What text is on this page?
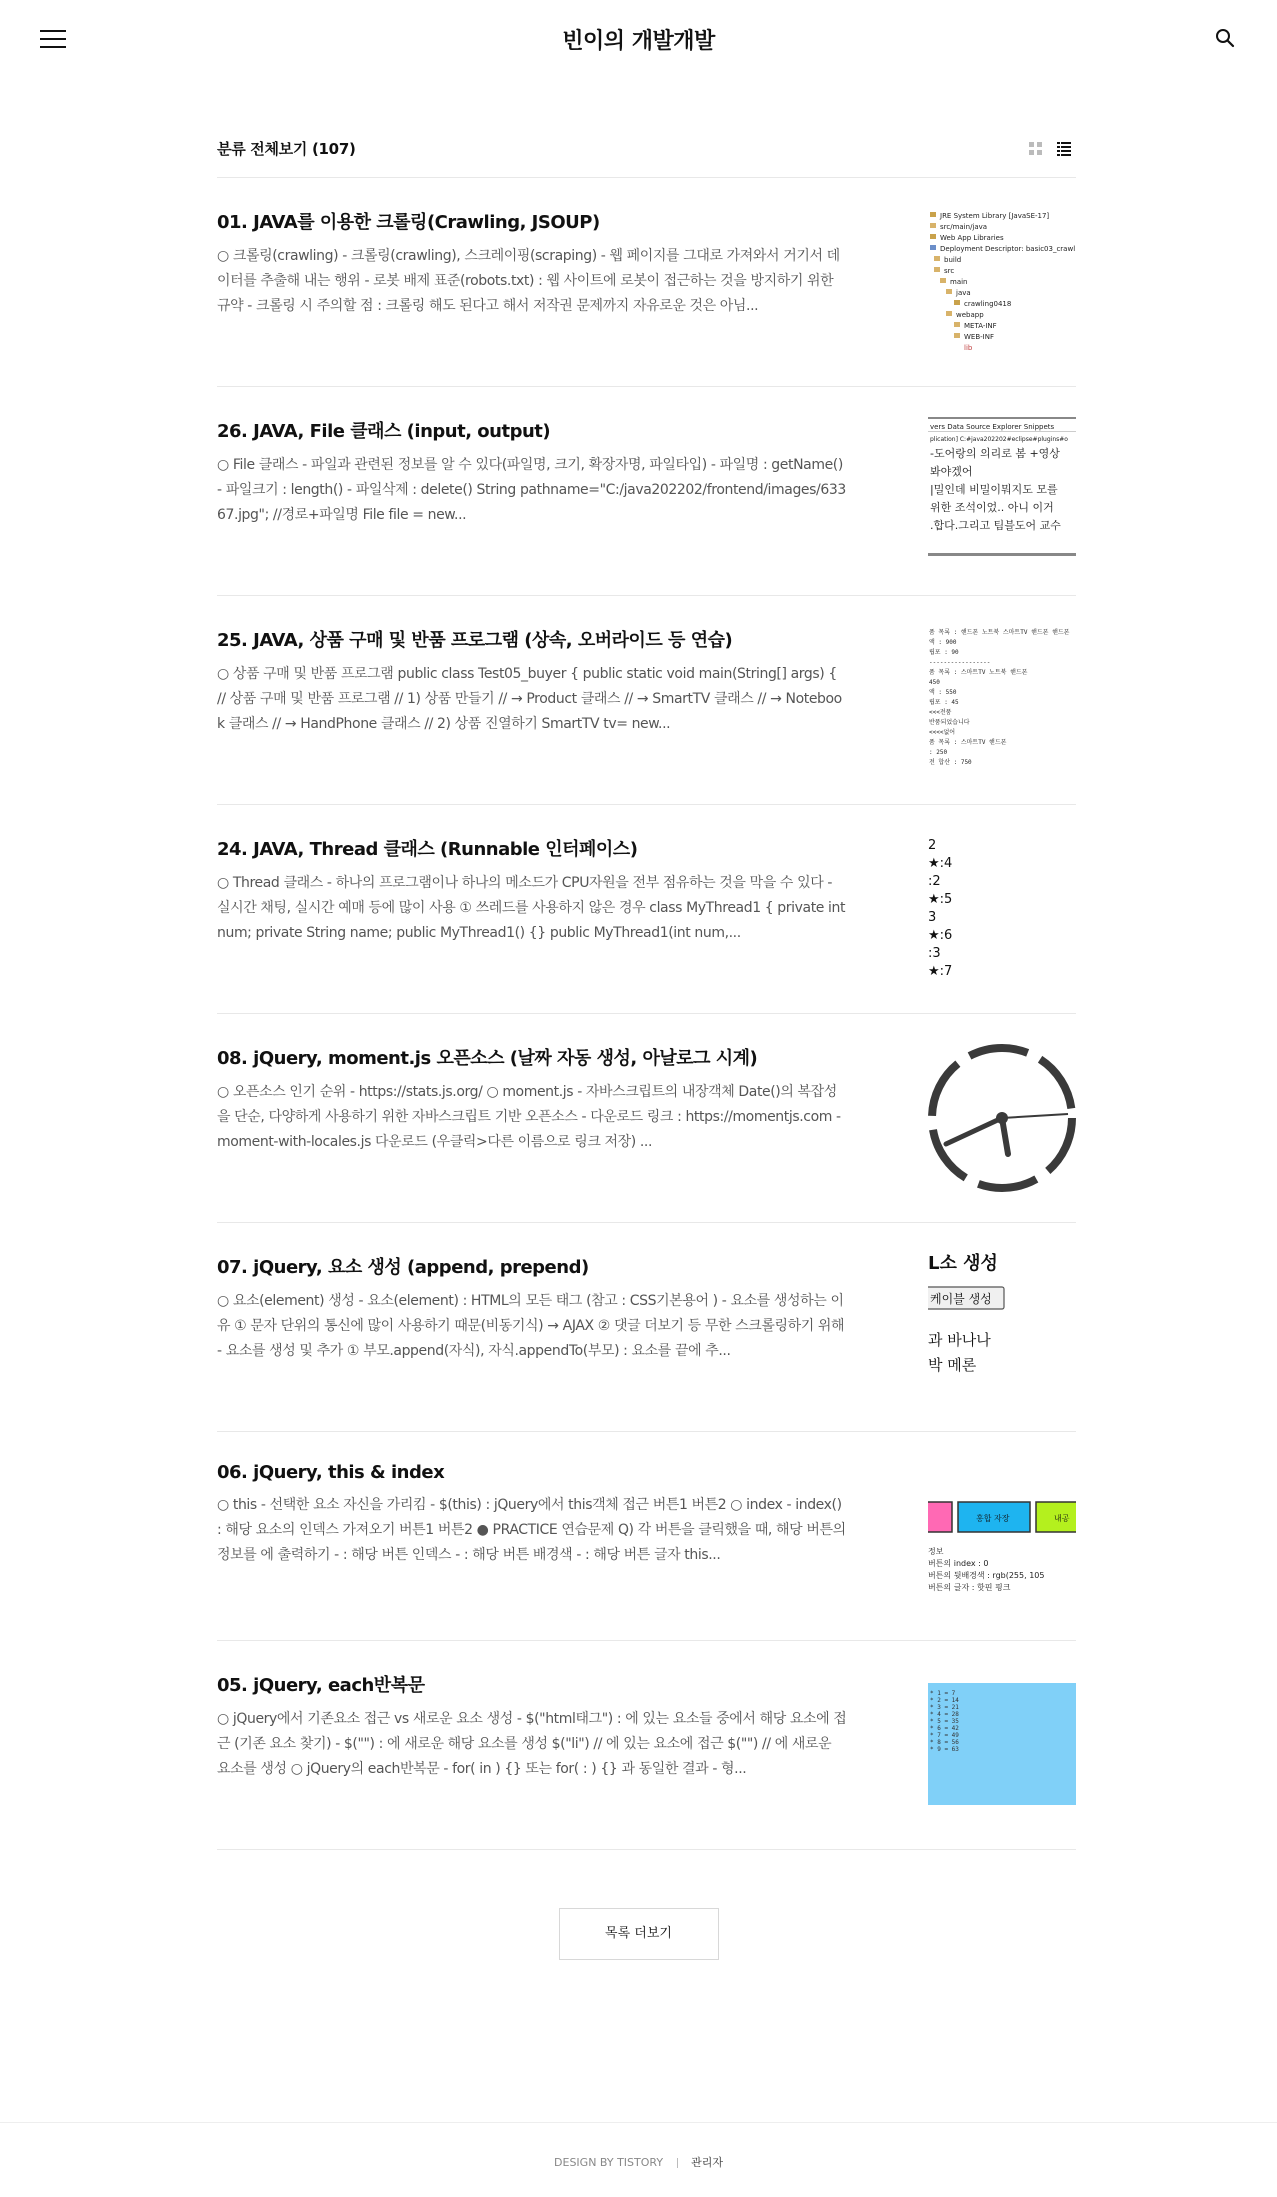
빈이의 개발개발
분류 전체보기 (107)
01. JAVA를 이용한 크롤링(Crawling, JSOUP)

○ 크롤링(crawling) - 크롤링(crawling), 스크레이핑(scraping) - 웹 페이지를 그대로 가져와서 거기서 데이터를 추출해 내는 행위 - 로봇 배제 표준(robots.txt) : 웹 사이트에 로봇이 접근하는 것을 방지하기 위한 규약 - 크롤링 시 주의할 점 : 크롤링 해도 된다고 해서 저작권 문제까지 자유로운 것은 아님...

JRE System Library [JavaSE-17]
src/main/java
Web App Libraries
Deployment Descriptor: basic03_crawl
build
src
main
java
crawling0418
webapp
META-INF
WEB-INF
lib
26. JAVA, File 클래스 (input, output)

○ File 클래스 - 파일과 관련된 정보를 알 수 있다(파일명, 크기, 확장자명, 파일타입) - 파일명 : getName() - 파일크기 : length() - 파일삭제 : delete() String pathname="C:/java202202/frontend/images/63367.jpg"; //경로+파일명 File file = new...

vers Data Source Explorer Snippets
plication] C:#java202202#eclipse#plugins#o
-도어랑의 의리로 봄 +영상
봐야겠어
|밀인데 비밀이뭐지도 모를
위한 조석이었.. 아니 이거
.합다.그리고 팀블도어 교수
25. JAVA, 상품 구매 및 반품 프로그램 (상속, 오버라이드 등 연습)

○ 상품 구매 및 반품 프로그램 public class Test05_buyer { public static void main(String[] args) { // 상품 구매 및 반품 프로그램 // 1) 상품 만들기 // → Product 클래스 // → SmartTV 클래스 // → Notebook 클래스 // → HandPhone 클래스 // 2) 상품 진열하기 SmartTV tv= new...

품 목록 : 핸드폰 노트북 스마트TV 핸드폰 핸드폰
액 : 900
립포 : 90
-----------------
품 목록 : 스마트TV 노트북 핸드폰
450
액 : 550
립포 : 45
<<<전품
반품되었습니다
<<<<없어
품 목록 : 스마트TV 핸드폰
: 250
전 합산 : 750
24. JAVA, Thread 클래스 (Runnable 인터페이스)

○ Thread 클래스 - 하나의 프로그램이나 하나의 메소드가 CPU자원을 전부 점유하는 것을 막을 수 있다 - 실시간 채팅, 실시간 예매 등에 많이 사용 ① 쓰레드를 사용하지 않은 경우 class MyThread1 { private int num; private String name; public MyThread1() {} public MyThread1(int num,...

2
★:4
:2
★:5
3
★:6
:3
★:7
08. jQuery, moment.js 오픈소스 (날짜 자동 생성, 아날로그 시계)

○ 오픈소스 인기 순위 - https://stats.js.org/ ○ moment.js - 자바스크립트의 내장객체 Date()의 복잡성을 단순, 다양하게 사용하기 위한 자바스크립트 기반 오픈소스 - 다운로드 링크 : https://momentjs.com - moment-with-locales.js 다운로드 (우클릭>다른 이름으로 링크 저장) ...

07. jQuery, 요소 생성 (append, prepend)

○ 요소(element) 생성 - 요소(element) : HTML의 모든 태그 (참고 : CSS기본용어 ) - 요소를 생성하는 이유 ① 문자 단위의 통신에 많이 사용하기 때문(비동기식) → AJAX ② 댓글 더보기 등 무한 스크롤링하기 위해 - 요소를 생성 및 추가 ① 부모.append(자식), 자식.appendTo(부모) : 요소를 끝에 추...

L소 생성
케이블 생성
과 바나나
박 메론
06. jQuery, this & index

○ this - 선택한 요소 자신을 가리킴 - $(this) : jQuery에서 this객체 접근 버튼1 버튼2 ○ index - index() : 해당 요소의 인덱스 가져오기 버튼1 버튼2 ● PRACTICE 연습문제 Q) 각 버튼을 클릭했을 때, 해당 버튼의 정보를 에 출력하기 - : 해당 버튼 인덱스 - : 해당 버튼 배경색 - : 해당 버튼 글자 this...

홍합 자장	내공
정보
버튼의 index : 0
버튼의 뒷배경색 : rgb(255, 105
버튼의 글자 : 핫핀 핑크
05. jQuery, each반복문

○ jQuery에서 기존요소 접근 vs 새로운 요소 생성 - $("html태그") : 에 있는 요소들 중에서 해당 요소에 접근 (기존 요소 찾기) - $("") : 에 새로운 해당 요소를 생성 $("li") // 에 있는 요소에 접근 $("") // 에 새로운 요소를 생성 ○ jQuery의 each반복문 - for( in ) {} 또는 for( : ) {} 과 동일한 결과 - 형...

* 1 = 7
* 2 = 14
* 3 = 21
* 4 = 28
* 5 = 35
* 6 = 42
* 7 = 49
* 8 = 56
* 9 = 63
목록 더보기
DESIGN BY TISTORY	관리자
